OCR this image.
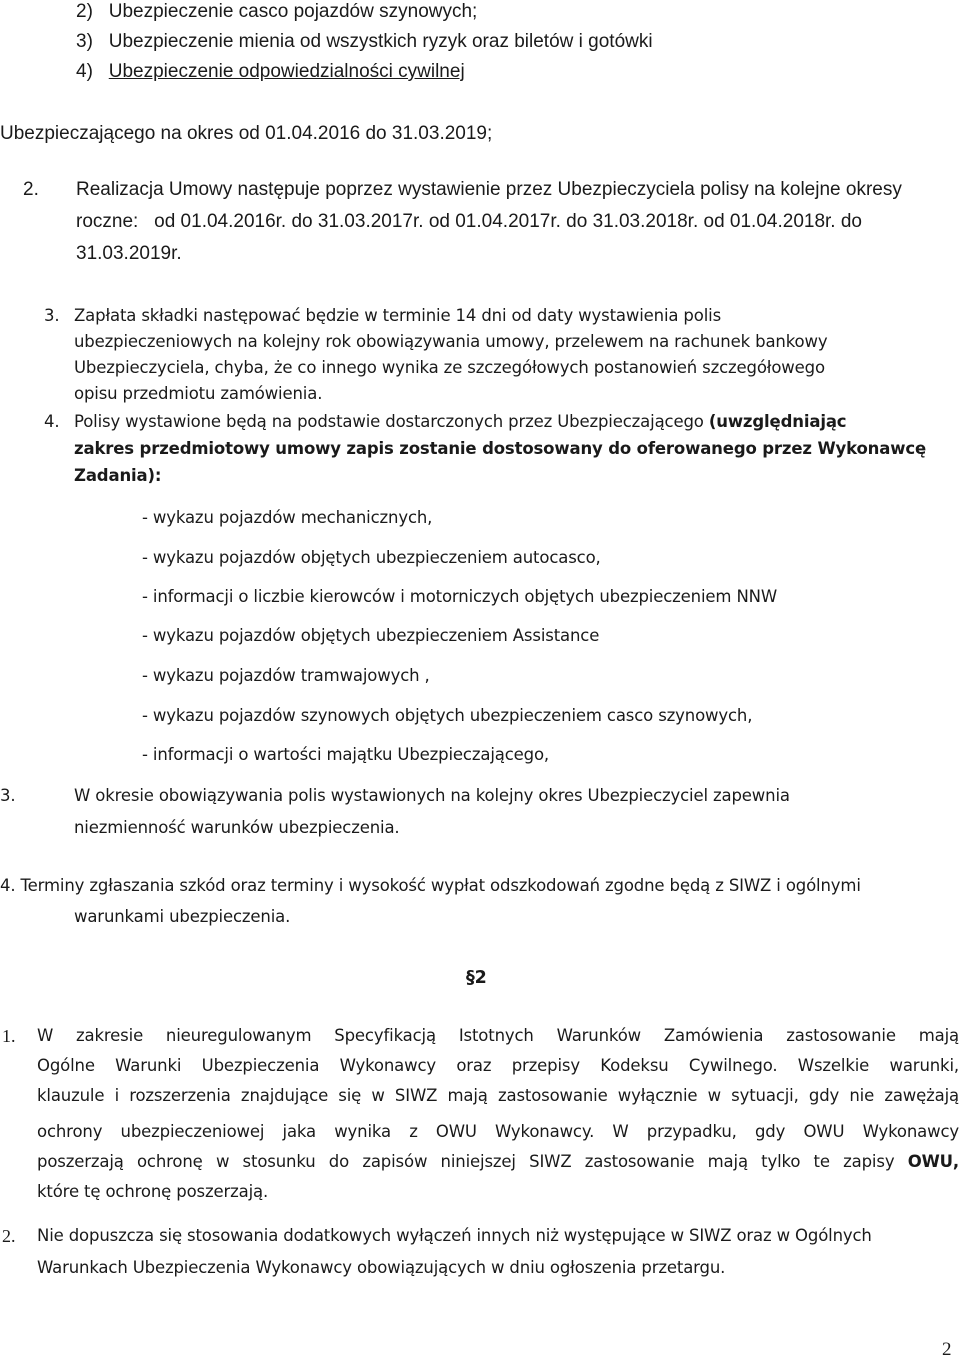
2) Ubezpieczenie casco pojazdów szynowych;
3) Ubezpieczenie mienia od wszystkich ryzyk oraz biletów i gotówki
4) Ubezpieczenie odpowiedzialności cywilnej
Ubezpieczającego na okres od 01.04.2016 do 31.03.2019;
2. Realizacja Umowy następuje poprzez wystawienie przez Ubezpieczyciela polisy na kolejne okresy
roczne:   od 01.04.2016r. do 31.03.2017r. od 01.04.2017r. do 31.03.2018r. od 01.04.2018r. do
31.03.2019r.
3. Zapłata składki następować będzie w terminie 14 dni od daty wystawienia polis
ubezpieczeniowych na kolejny rok obowiązywania umowy, przelewem na rachunek bankowy
Ubezpieczyciela, chyba, że co innego wynika ze szczegółowych postanowień szczegółowego
opisu przedmiotu zamówienia.
4. Polisy wystawione będą na podstawie dostarczonych przez Ubezpieczającego (uwzględniając
zakres przedmiotowy umowy zapis zostanie dostosowany do oferowanego przez Wykonawcę
Zadania):
- wykazu pojazdów mechanicznych,
- wykazu pojazdów objętych ubezpieczeniem autocasco,
- informacji o liczbie kierowców i motorniczych objętych ubezpieczeniem NNW
- wykazu pojazdów objętych ubezpieczeniem Assistance
- wykazu pojazdów tramwajowych ,
- wykazu pojazdów szynowych objętych ubezpieczeniem casco szynowych,
- informacji o wartości majątku Ubezpieczającego,
3.	W okresie obowiązywania polis wystawionych na kolejny okres Ubezpieczyciel zapewnia
niezmienność warunków ubezpieczenia.
4. Terminy zgłaszania szkód oraz terminy i wysokość wypłat odszkodowań zgodne będą z SIWZ i ogólnymi
warunkami ubezpieczenia.
§2
1. W zakresie nieuregulowanym Specyfikacją Istotnych Warunków Zamówienia zastosowanie mają
Ogólne Warunki Ubezpieczenia Wykonawcy oraz przepisy Kodeksu Cywilnego. Wszelkie warunki,
klauzule i rozszerzenia znajdujące się w SIWZ mają zastosowanie wyłącznie w sytuacji, gdy nie zawężają
ochrony ubezpieczeniowej jaka wynika z OWU Wykonawcy. W przypadku, gdy OWU Wykonawcy
poszerzają ochronę w stosunku do zapisów niniejszej SIWZ zastosowanie mają tylko te zapisy OWU,
które tę ochronę poszerzają.
2. Nie dopuszcza się stosowania dodatkowych wyłączeń innych niż występujące w SIWZ oraz w Ogólnych
Warunkach Ubezpieczenia Wykonawcy obowiązujących w dniu ogłoszenia przetargu.
2
